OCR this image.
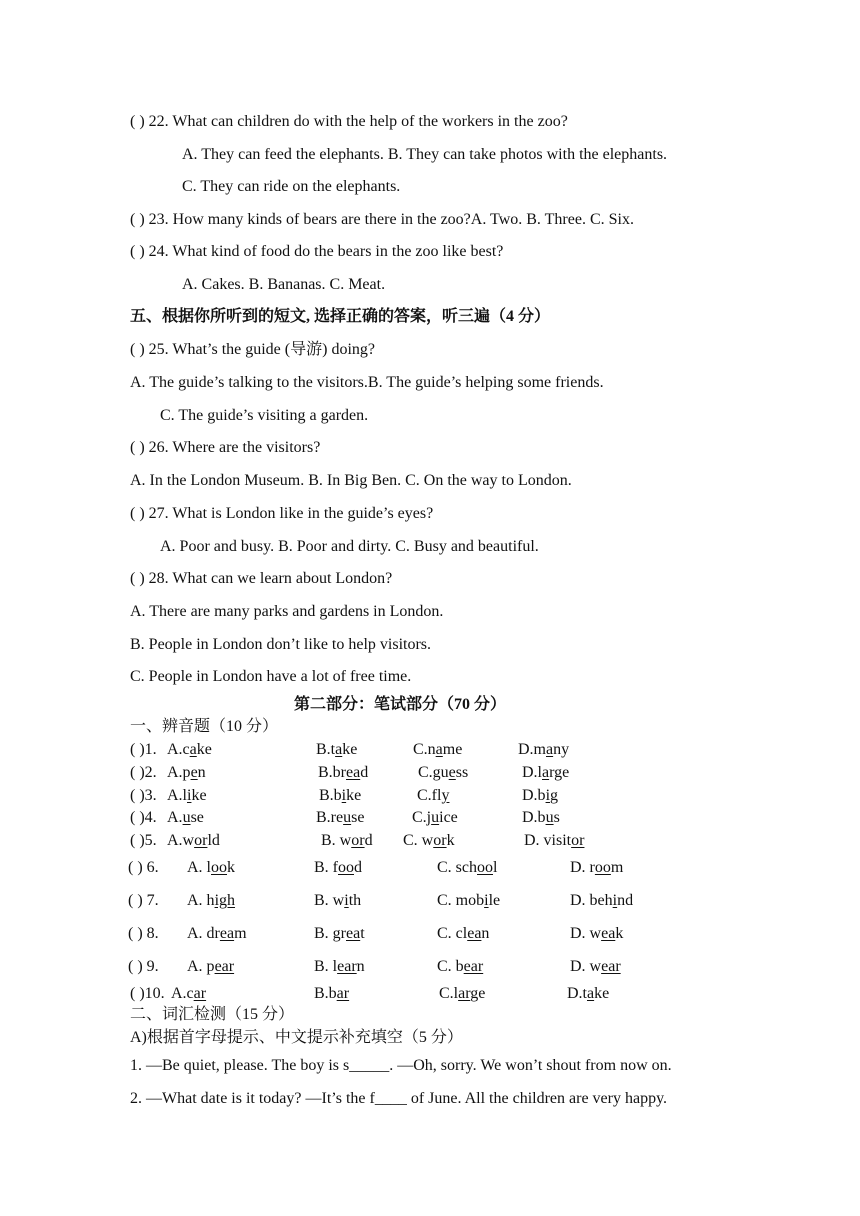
( ) 22. What can children do with the help of the workers in the zoo?
A. They can feed the elephants. B. They can take photos with the elephants.
C. They can ride on the elephants.
( ) 23. How many kinds of bears are there in the zoo?A. Two. B. Three. C. Six.
( ) 24. What kind of food do the bears in the zoo like best?
A. Cakes. B. Bananas. C. Meat.
五、根据你所听到的短文, 选择正确的答案，听三遍（4 分）
( ) 25. What’s the guide (导游) doing?
A. The guide’s talking to the visitors.B. The guide’s helping some friends.
C. The guide’s visiting a garden.
( ) 26. Where are the visitors?
A. In the London Museum. B. In Big Ben. C. On the way to London.
( ) 27. What is London like in the guide’s eyes?
A. Poor and busy. B. Poor and dirty. C. Busy and beautiful.
( ) 28. What can we learn about London?
A. There are many parks and gardens in London.
B. People in London don’t like to help visitors.
C. People in London have a lot of free time.
第二部分：笔试部分（70 分）
一、辨音题（10 分）
( )1. A.cake	B.take	C.name	D.many
( )2. A.pen	B.bread	C.guess	D.large
( )3. A.like	B.bike	C.fly	D.big
( )4. A.use	B.reuse	C.juice	D.bus
( )5. A.world	B. word C. work	D. visitor
( ) 6. A. look	B. food	C. school	D. room
( ) 7. A. high	B. with	C. mobile	D. behind
( ) 8. A. dream	B. great	C. clean	D. weak
( ) 9. A. pear	B. learn	C. bear	D. wear
( )10. A.car	B.bar	C.large	D.take
二、词汇检测（15 分）
A)根据首字母提示、中文提示补充填空（5 分）
1. —Be quiet, please. The boy is s_____. —Oh, sorry. We won’t shout from now on.
2. —What date is it today? —It’s the f____ of June. All the children are very happy.
